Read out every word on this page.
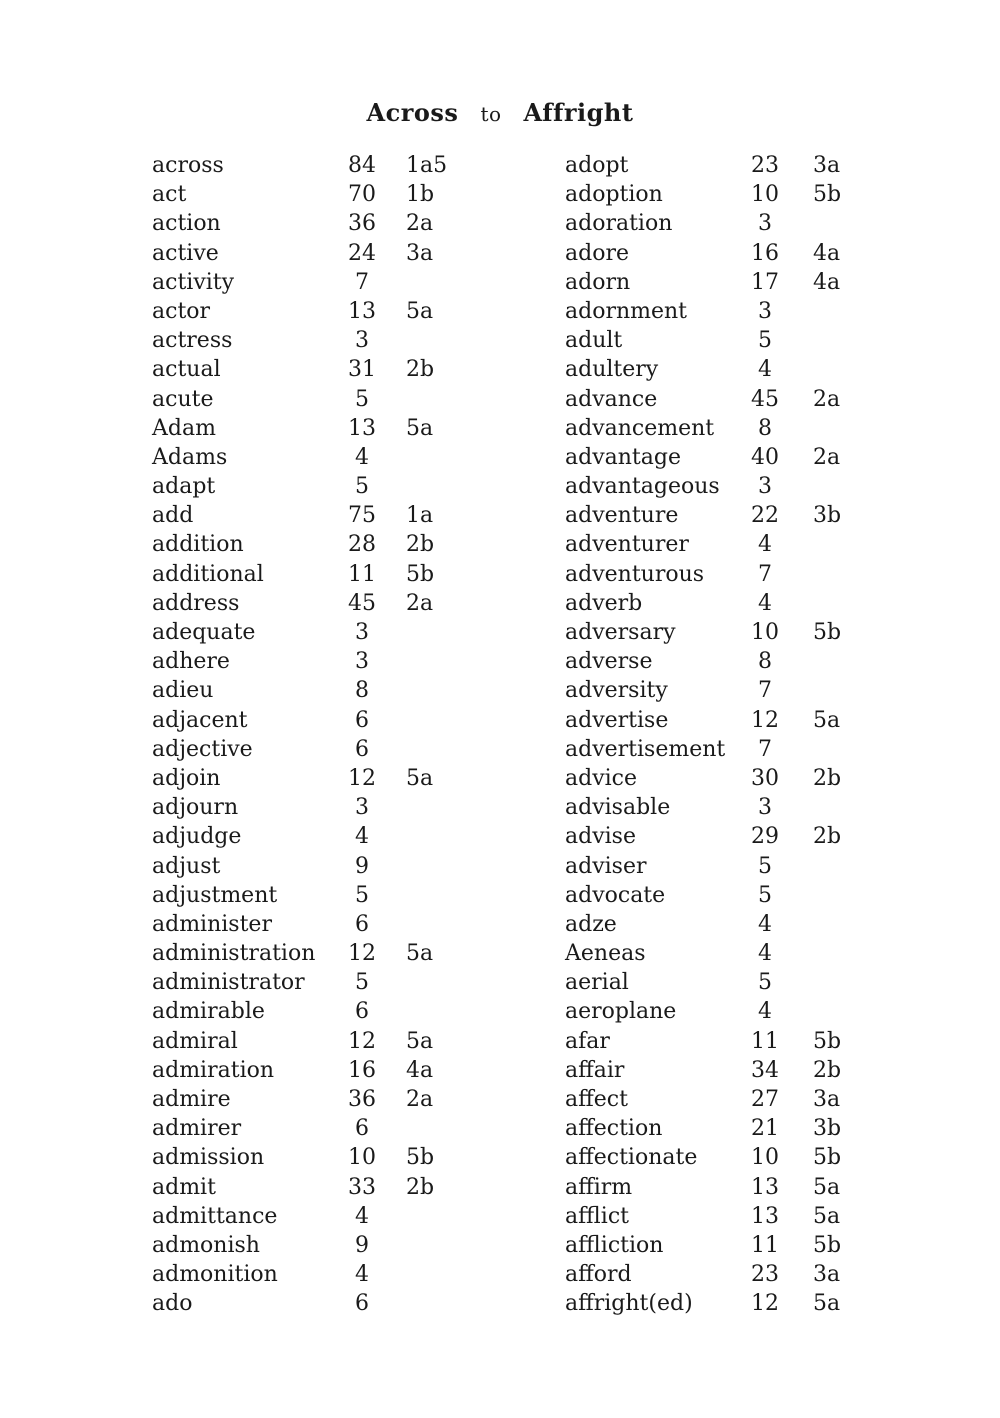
Across to Affright
across	84 1a5
act	70 1b
action	36 2a
active	24 3a
activity	7
actor	13 5a
actress	3
actual	31 2b
acute	5
Adam	13 5a
Adams	4
adapt	5
add	75 1a
addition	28 2b
additional	11 5b
address	45 2a
adequate	3
adhere	3
adieu	8
adjacent	6
adjective	6
adjoin	12 5a
adjourn	3
adjudge	4
adjust	9
adjustment	5
administer	6
administration 12 5a
administrator	5
admirable	6
admiral	12 5a
admiration	16 4a
admire	36 2a
admirer	6
admission	10 5b
admit	33 2b
admittance	4
admonish	9
admonition	4
ado	6
adopt	23 3a
adoption	10 5b
adoration	3
adore	16 4a
adorn	17 4a
adornment	3
adult	5
adultery	4
advance	45 2a
advancement	8
advantage	40 2a
advantageous	3
adventure	22 3b
adventurer	4
adventurous	7
adverb	4
adversary	10 5b
adverse	8
adversity	7
advertise	12 5a
advertisement	7
advice	30 2b
advisable	3
advise	29 2b
adviser	5
advocate	5
adze	4
Aeneas	4
aerial	5
aeroplane	4
afar	11 5b
affair	34 2b
affect	27 3a
affection	21 3b
affectionate 10 5b
affirm	13 5a
afflict	13 5a
affliction	11 5b
afford	23 3a
affright(ed)	12 5a
